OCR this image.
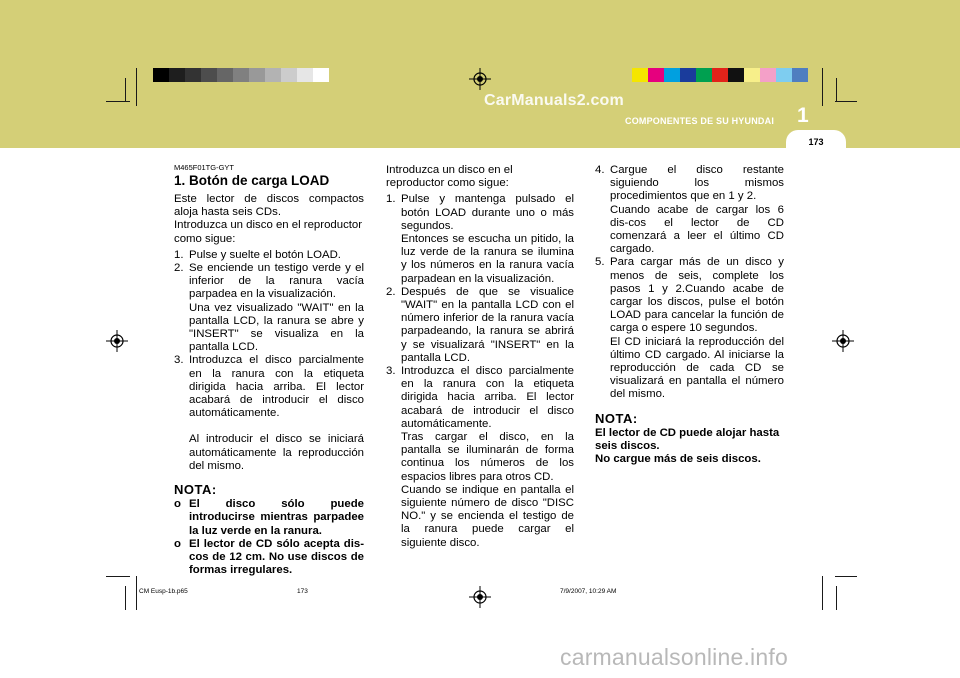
CarManuals2.com
COMPONENTES DE SU HYUNDAI 1
173

M465F01TG-GYT

1. Botón de carga LOAD

Este lector de discos compactos aloja hasta seis CDs.

Introduzca un disco en el reproductor como sigue:

1. Pulse y suelte el botón LOAD.
2. Se enciende un testigo verde y el inferior de la ranura vacía parpadea en la visualización.

Una vez visualizado "WAIT" en la pantalla LCD, la ranura se abre y "INSERT" se visualiza en la pantalla LCD.

3. Introduzca el disco parcialmente en la ranura con la etiqueta dirigida hacia arriba. El lector acabará de introducir el disco automáticamente.

Al introducir el disco se iniciará automáticamente la reproducción del mismo.

NOTA:

o El disco sólo puede introducirse mientras parpadee la luz verde en la ranura.
o El lector de CD sólo acepta dis-cos de 12 cm. No use discos de formas irregulares.

Introduzca un disco en el reproductor como sigue:

1. Pulse y mantenga pulsado el botón LOAD durante uno o más segundos.

Entonces se escucha un pitido, la luz verde de la ranura se ilumina y los números en la ranura vacía parpadean en la visualización.

2. Después de que se visualice "WAIT" en la pantalla LCD con el número inferior de la ranura vacía parpadeando, la ranura se abrirá y se visualizará "INSERT" en la pantalla LCD.
3. Introduzca el disco parcialmente en la ranura con la etiqueta dirigida hacia arriba. El lector acabará de introducir el disco automáticamente.

Tras cargar el disco, en la pantalla se iluminarán de forma continua los números de los espacios libres para otros CD.

Cuando se indique en pantalla el siguiente número de disco "DISC NO." y se encienda el testigo de la ranura puede cargar el siguiente disco.

4. Cargue el disco restante siguiendo los mismos procedimientos que en 1 y 2.

Cuando acabe de cargar los 6 dis-cos el lector de CD comenzará a leer el último CD cargado.

5. Para cargar más de un disco y menos de seis, complete los pasos 1 y 2.Cuando acabe de cargar los discos, pulse el botón LOAD para cancelar la función de carga o espere 10 segundos.

El CD iniciará la reproducción del último CD cargado. Al iniciarse la reproducción de cada CD se visualizará en pantalla el número del mismo.

NOTA:

El lector de CD puede alojar hasta seis discos.

No cargue más de seis discos.

CM Eusp-1b.p65	173	7/9/2007, 10:29 AM
carmanualsonline.info
